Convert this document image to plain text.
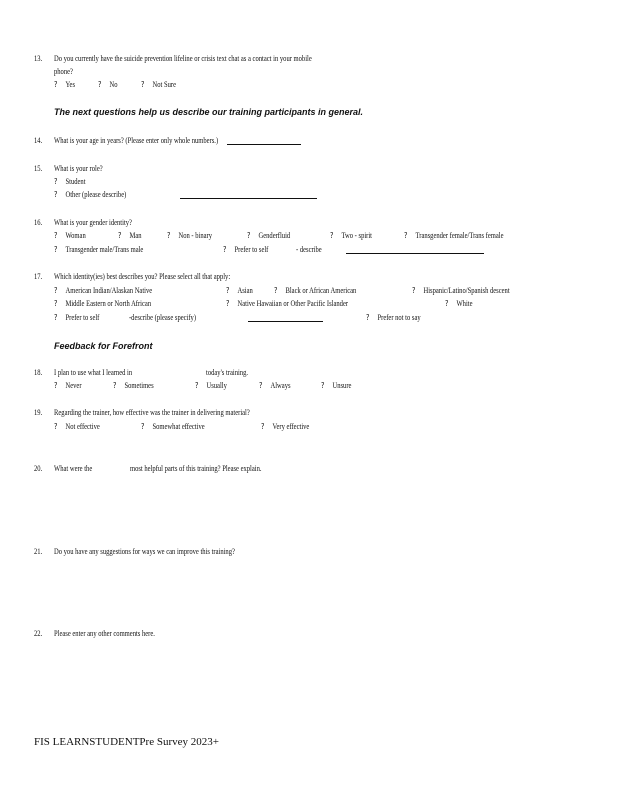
13. Do you currently have the suicide prevention lifeline or crisis text chat as a contact in your mobile
phone?
? Yes	? No	? Not Sure
The next questions help us describe our training participants in general.
14. What is your age in years? (Please enter only whole numbers.)
15. What is your role?
? Student
? Other (please describe)
16. What is your gender identity?
? Woman	? Man	? Non - binary	? Genderfluid	? Two - spirit	? Transgender female/Trans female
? Transgender male/Trans male	? Prefer to self	- describe
17. Which identity(ies) best describes you? Please select all that apply:
? American Indian/Alaskan Native	? Asian	? Black or African American	? Hispanic/Latino/Spanish descent
? Middle Eastern or North African	? Native Hawaiian or Other Pacific Islander	? White
? Prefer to self	-describe (please specify)	? Prefer not to say
Feedback for Forefront
18. I plan to use what I learned in	today's training.
? Never	? Sometimes	? Usually	? Always	? Unsure
19. Regarding the trainer, how effective was the trainer in delivering material?
? Not effective	? Somewhat effective	? Very effective
20. What were the	most helpful parts of this training? Please explain.
21. Do you have any suggestions for ways we can improve this training?
22. Please enter any other comments here.
FIS LEARNSTUDENTPre Survey 2023+
